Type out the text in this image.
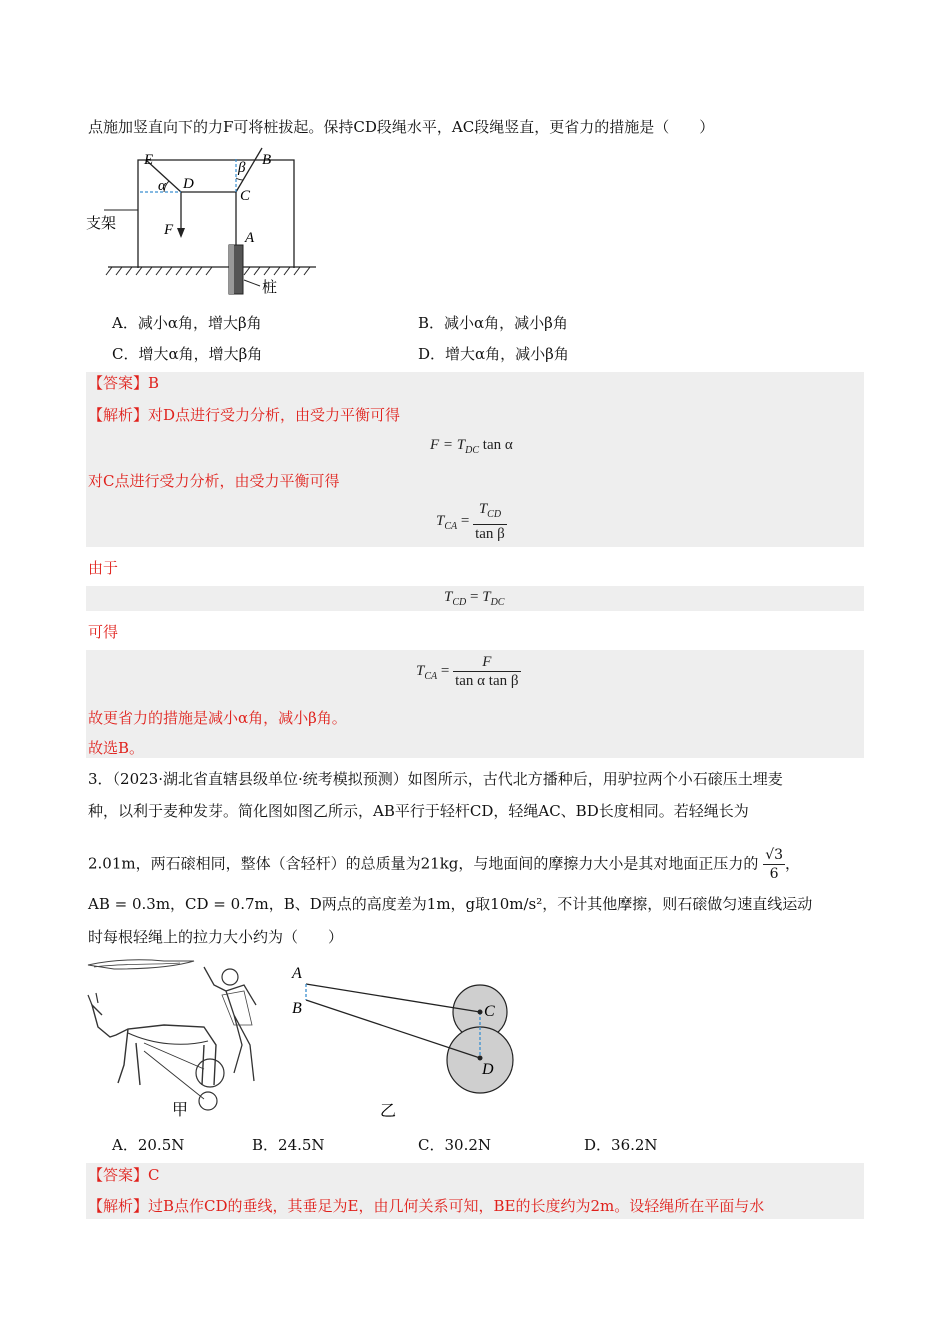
点施加竖直向下的力F可将桩拔起。保持CD段绳水平，AC段绳竖直，更省力的措施是（　　）
E	B
β
α D
C
F	A
支架
桩
A．减小α角，增大β角	B．减小α角，减小β角
C．增大α角，增大β角	D．增大α角，减小β角
【答案】B
【解析】对D点进行受力分析，由受力平衡可得
$F = T_{DC}$ tan α
对C点进行受力分析，由受力平衡可得
$T_{CA} = \frac{T_{CD}}{\text{tan β}}$
由于
$T_{CD} = T_{DC}$
可得
$T_{CA} = \frac{F}{\text{tan α tan β}}$
故更省力的措施是减小α角，减小β角。
故选B。
3．（2023·湖北省直辖县级单位·统考模拟预测）如图所示，古代北方播种后，用驴拉两个小石磙压土埋麦
种，以利于麦种发芽。简化图如图乙所示，AB平行于轻杆CD，轻绳AC、BD长度相同。若轻绳长为
2.01m，两石磙相同，整体（含轻杆）的总质量为21kg，与地面间的摩擦力大小是其对地面正压力的 $\frac{√3}{6}$ ，
AB = 0.3m，CD = 0.7m，B、D两点的高度差为1m，g取10m/s²，不计其他摩擦，则石磙做匀速直线运动
时每根轻绳上的拉力大小约为（　　）
甲
A
B	C
D
乙
A．20.5N	B．24.5N	C．30.2N	D．36.2N
【答案】C
【解析】过B点作CD的垂线，其垂足为E，由几何关系可知，BE的长度约为2m。设轻绳所在平面与水
